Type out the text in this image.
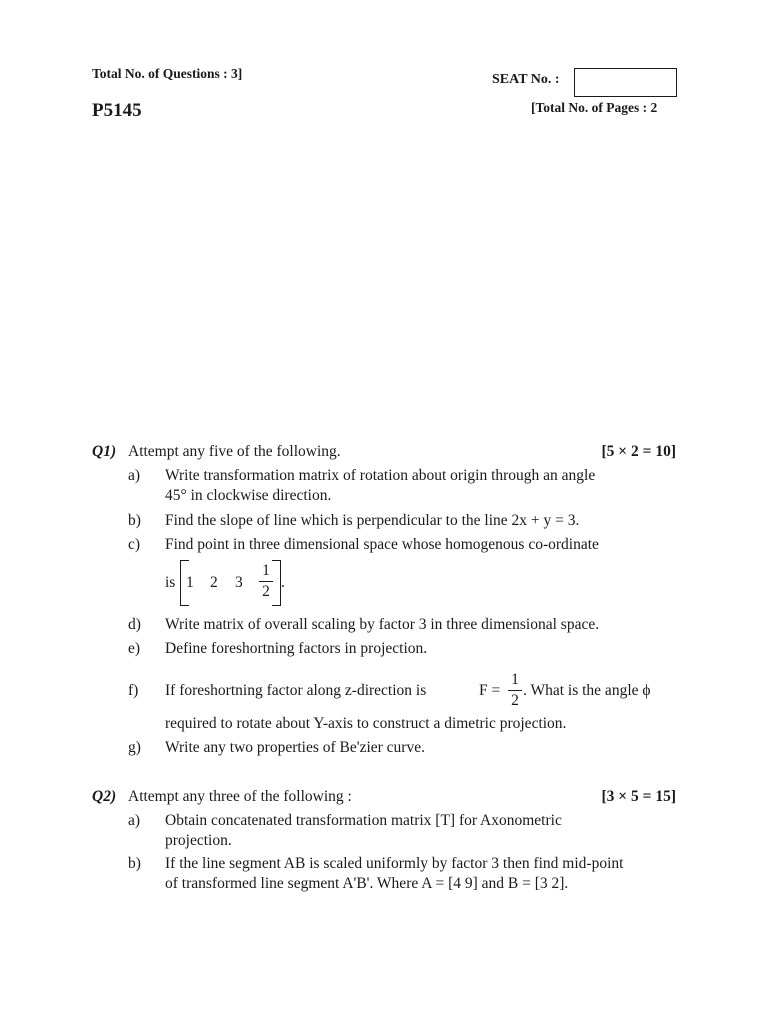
Total No. of Questions : 3]	SEAT No. :
P5145	[Total No. of Pages : 2
Q1) Attempt any five of the following.	[5 × 2 = 10]
a) Write transformation matrix of rotation about origin through an angle
45° in clockwise direction.
b) Find the slope of line which is perpendicular to the line 2x + y = 3.
c) Find point in three dimensional space whose homogenous co-ordinate
is 1 2 $3 \frac{1}{2}$ .
d) Write matrix of overall scaling by factor 3 in three dimensional space.
e) Define foreshortning factors in projection.
f) If foreshortning factor along z-direction is	$F = \frac{1}{2}$ . What is the angle ϕ
required to rotate about Y-axis to construct a dimetric projection.
g) Write any two properties of Be'zier curve.
Q2) Attempt any three of the following :	[3 × 5 = 15]
a) Obtain concatenated transformation matrix [T] for Axonometric
projection.
b) If the line segment AB is scaled uniformly by factor 3 then find mid-point
of transformed line segment A'B'. Where A = [4 9] and B = [3 2].
